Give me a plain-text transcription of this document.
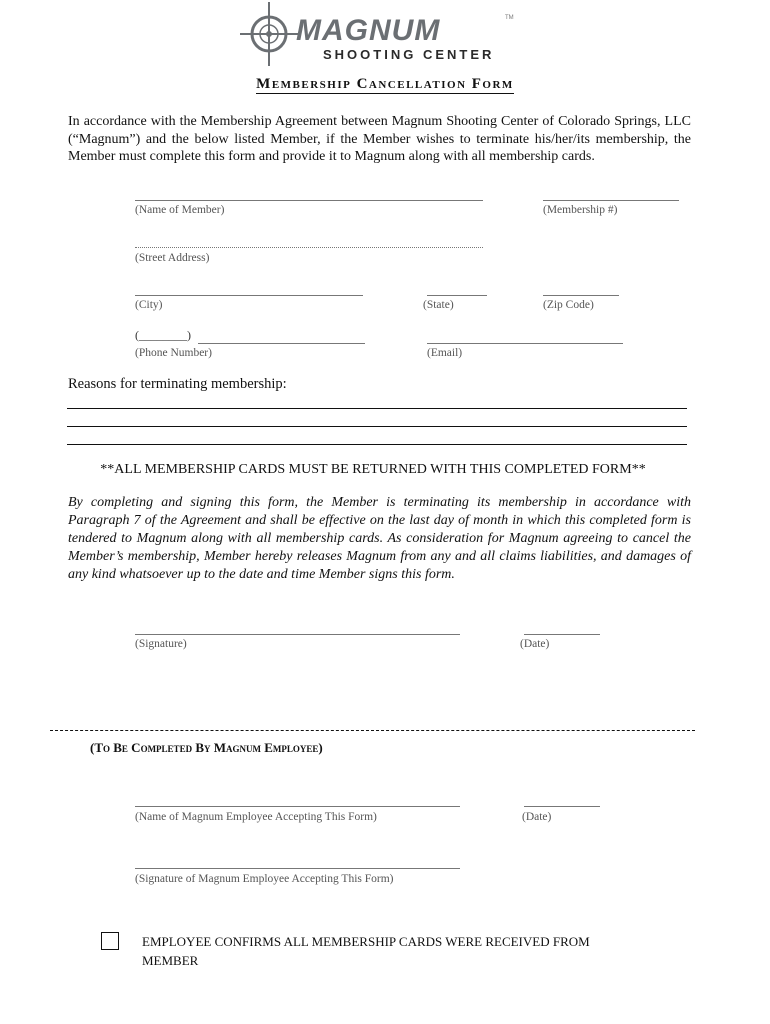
MAGNUM	TM
SHOOTING CENTER
Membership Cancellation Form
In accordance with the Membership Agreement between Magnum Shooting Center of Colorado Springs, LLC (“Magnum”) and the below listed Member, if the Member wishes to terminate his/her/its membership, the Member must complete this form and provide it to Magnum along with all membership cards.
(Name of Member)	(Membership #)
(Street Address)
(City)	(State)	(Zip Code)
(________)
(Phone Number)	(Email)
Reasons for terminating membership:
**ALL MEMBERSHIP CARDS MUST BE RETURNED WITH THIS COMPLETED FORM**
By completing and signing this form, the Member is terminating its membership in accordance with Paragraph 7 of the Agreement and shall be effective on the last day of month in which this completed form is tendered to Magnum along with all membership cards. As consideration for Magnum agreeing to cancel the Member’s membership, Member hereby releases Magnum from any and all claims liabilities, and damages of any kind whatsoever up to the date and time Member signs this form.
(Signature)	(Date)
(To Be Completed By Magnum Employee)
(Name of Magnum Employee Accepting This Form)	(Date)
(Signature of Magnum Employee Accepting This Form)
EMPLOYEE CONFIRMS ALL MEMBERSHIP CARDS WERE RECEIVED FROM MEMBER
